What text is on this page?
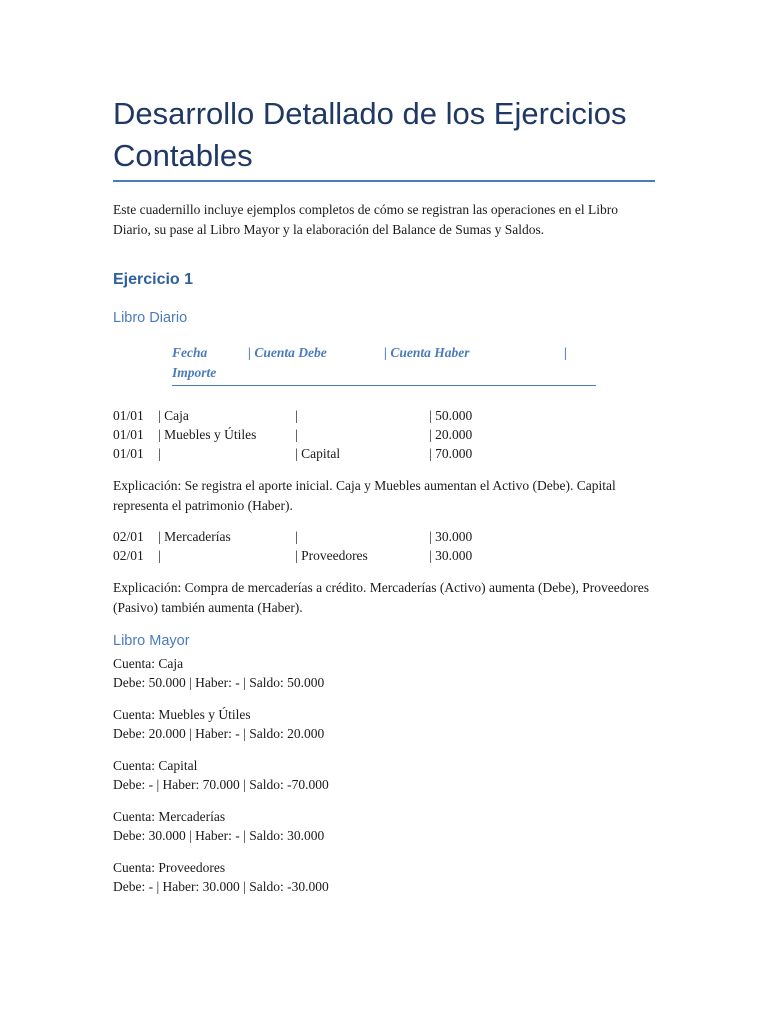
Desarrollo Detallado de los Ejercicios Contables

Este cuadernillo incluye ejemplos completos de cómo se registran las operaciones en el Libro Diario, su pase al Libro Mayor y la elaboración del Balance de Sumas y Saldos.

Ejercicio 1
Libro Diario
Fecha	| Cuenta Debe	| Cuenta Haber	|
Importe
01/01 | Caja	|	| 50.000
01/01 | Muebles y Útiles	|	| 20.000
01/01 |	| Capital	| 70.000

Explicación: Se registra el aporte inicial. Caja y Muebles aumentan el Activo (Debe). Capital representa el patrimonio (Haber).

02/01 | Mercaderías	|	| 30.000
02/01 |	| Proveedores	| 30.000

Explicación: Compra de mercaderías a crédito. Mercaderías (Activo) aumenta (Debe), Proveedores (Pasivo) también aumenta (Haber).

Libro Mayor
Cuenta: Caja
Debe: 50.000 | Haber: - | Saldo: 50.000
Cuenta: Muebles y Útiles
Debe: 20.000 | Haber: - | Saldo: 20.000
Cuenta: Capital
Debe: - | Haber: 70.000 | Saldo: -70.000
Cuenta: Mercaderías
Debe: 30.000 | Haber: - | Saldo: 30.000
Cuenta: Proveedores
Debe: - | Haber: 30.000 | Saldo: -30.000
